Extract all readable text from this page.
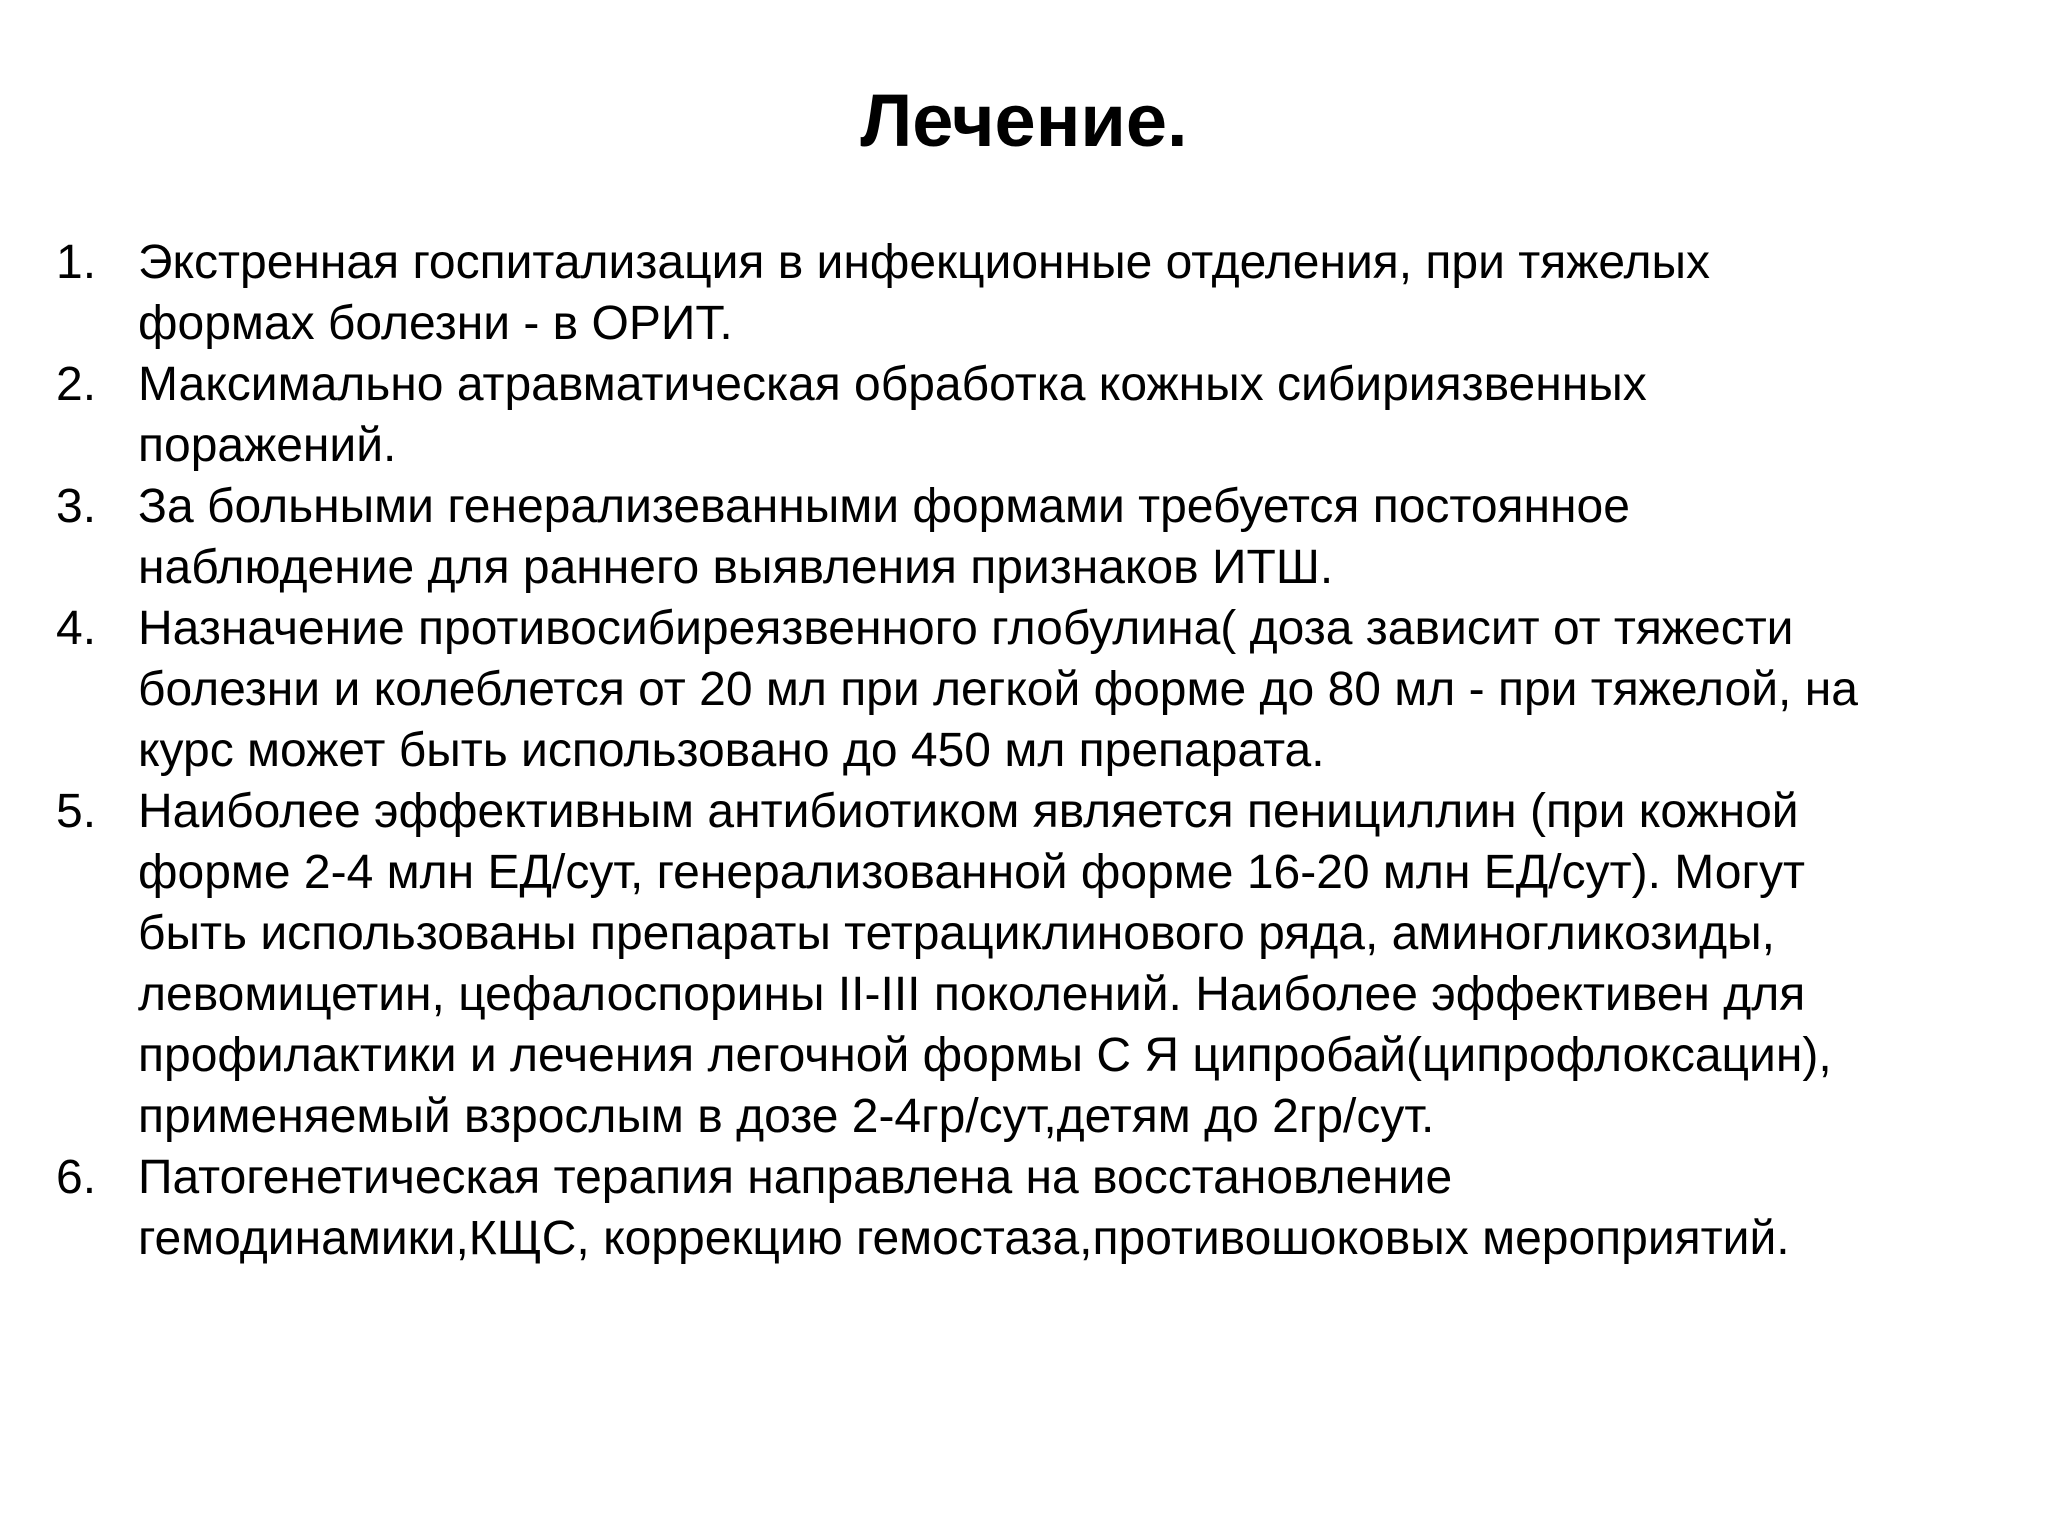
Лечение.
1. Экстренная госпитализация в инфекционные отделения, при тяжелых
формах болезни - в ОРИТ.
2. Максимально атравматическая обработка кожных сибириязвенных
поражений.
3. За больными генерализеванными формами требуется постоянное
наблюдение для раннего выявления признаков ИТШ.
4. Назначение противосибиреязвенного глобулина( доза зависит от тяжести
болезни и колеблется от 20 мл при легкой форме до 80 мл - при тяжелой, на
курс может быть использовано до 450 мл препарата.
5. Наиболее эффективным антибиотиком является пенициллин (при кожной
форме 2-4 млн ЕД/сут, генерализованной форме 16-20 млн ЕД/сут). Могут
быть использованы препараты тетрациклинового ряда, аминогликозиды,
левомицетин, цефалоспорины II-III поколений. Наиболее эффективен для
профилактики и лечения легочной формы С Я ципробай(ципрофлоксацин),
применяемый взрослым в дозе 2-4гр/сут,детям до 2гр/сут.
6. Патогенетическая терапия направлена на восстановление
гемодинамики,КЩС, коррекцию гемостаза,противошоковых мероприятий.
